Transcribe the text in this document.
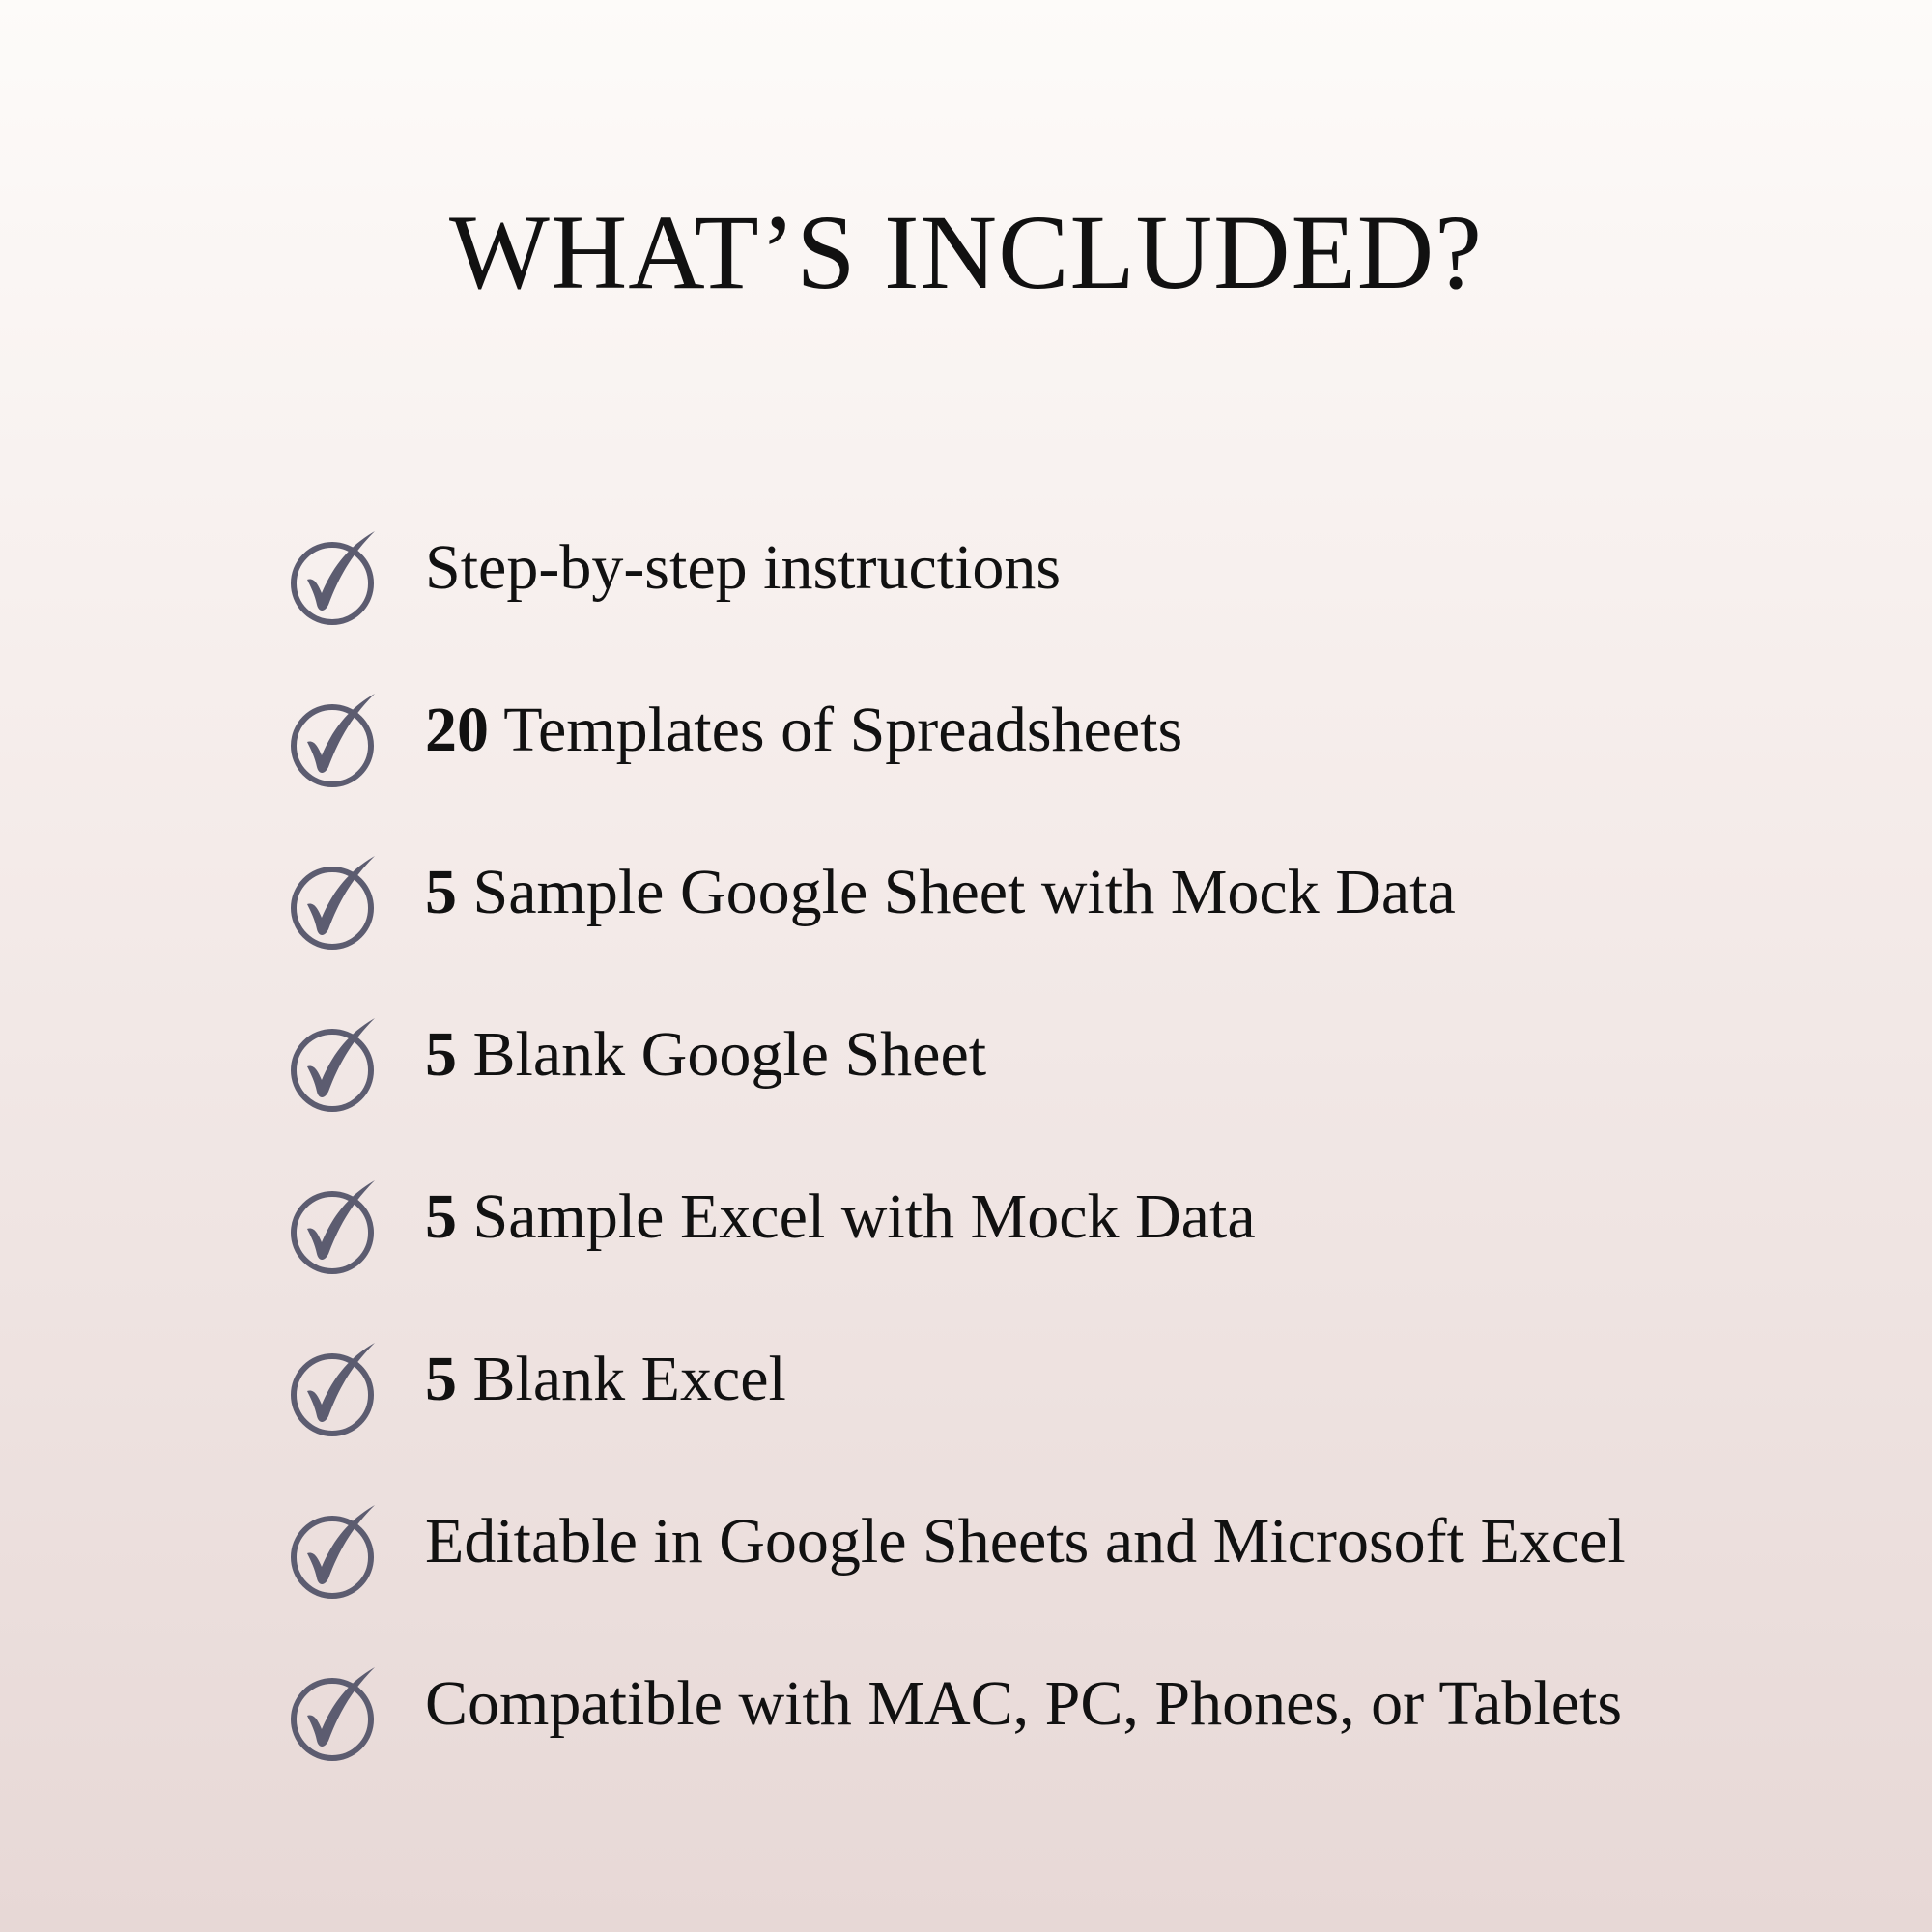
WHAT’S INCLUDED?
Step-by-step instructions
20 Templates of Spreadsheets
5 Sample Google Sheet with Mock Data
5 Blank Google Sheet
5 Sample Excel with Mock Data
5 Blank Excel
Editable in Google Sheets and Microsoft Excel
Compatible with MAC, PC, Phones, or Tablets
